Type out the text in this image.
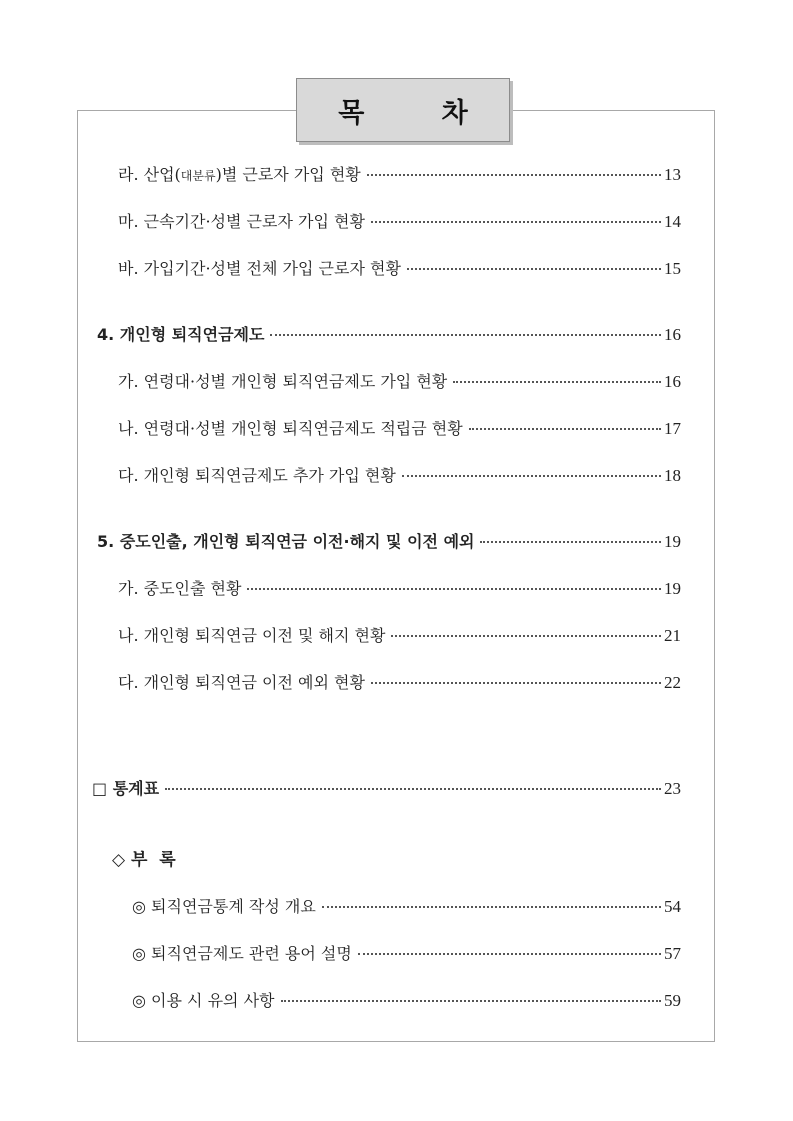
목 차
라. 산업(대분류)별 근로자 가입 현황	13
마. 근속기간·성별 근로자 가입 현황	14
바. 가입기간·성별 전체 가입 근로자 현황	15
4. 개인형 퇴직연금제도	16
가. 연령대·성별 개인형 퇴직연금제도 가입 현황	16
나. 연령대·성별 개인형 퇴직연금제도 적립금 현황	17
다. 개인형 퇴직연금제도 추가 가입 현황	18
5. 중도인출, 개인형 퇴직연금 이전·해지 및 이전 예외	19
가. 중도인출 현황	19
나. 개인형 퇴직연금 이전 및 해지 현황	21
다. 개인형 퇴직연금 이전 예외 현황	22
□ 통계표	23
◇ 부  록
◎ 퇴직연금통계 작성 개요	54
◎ 퇴직연금제도 관련 용어 설명	57
◎ 이용 시 유의 사항	59
